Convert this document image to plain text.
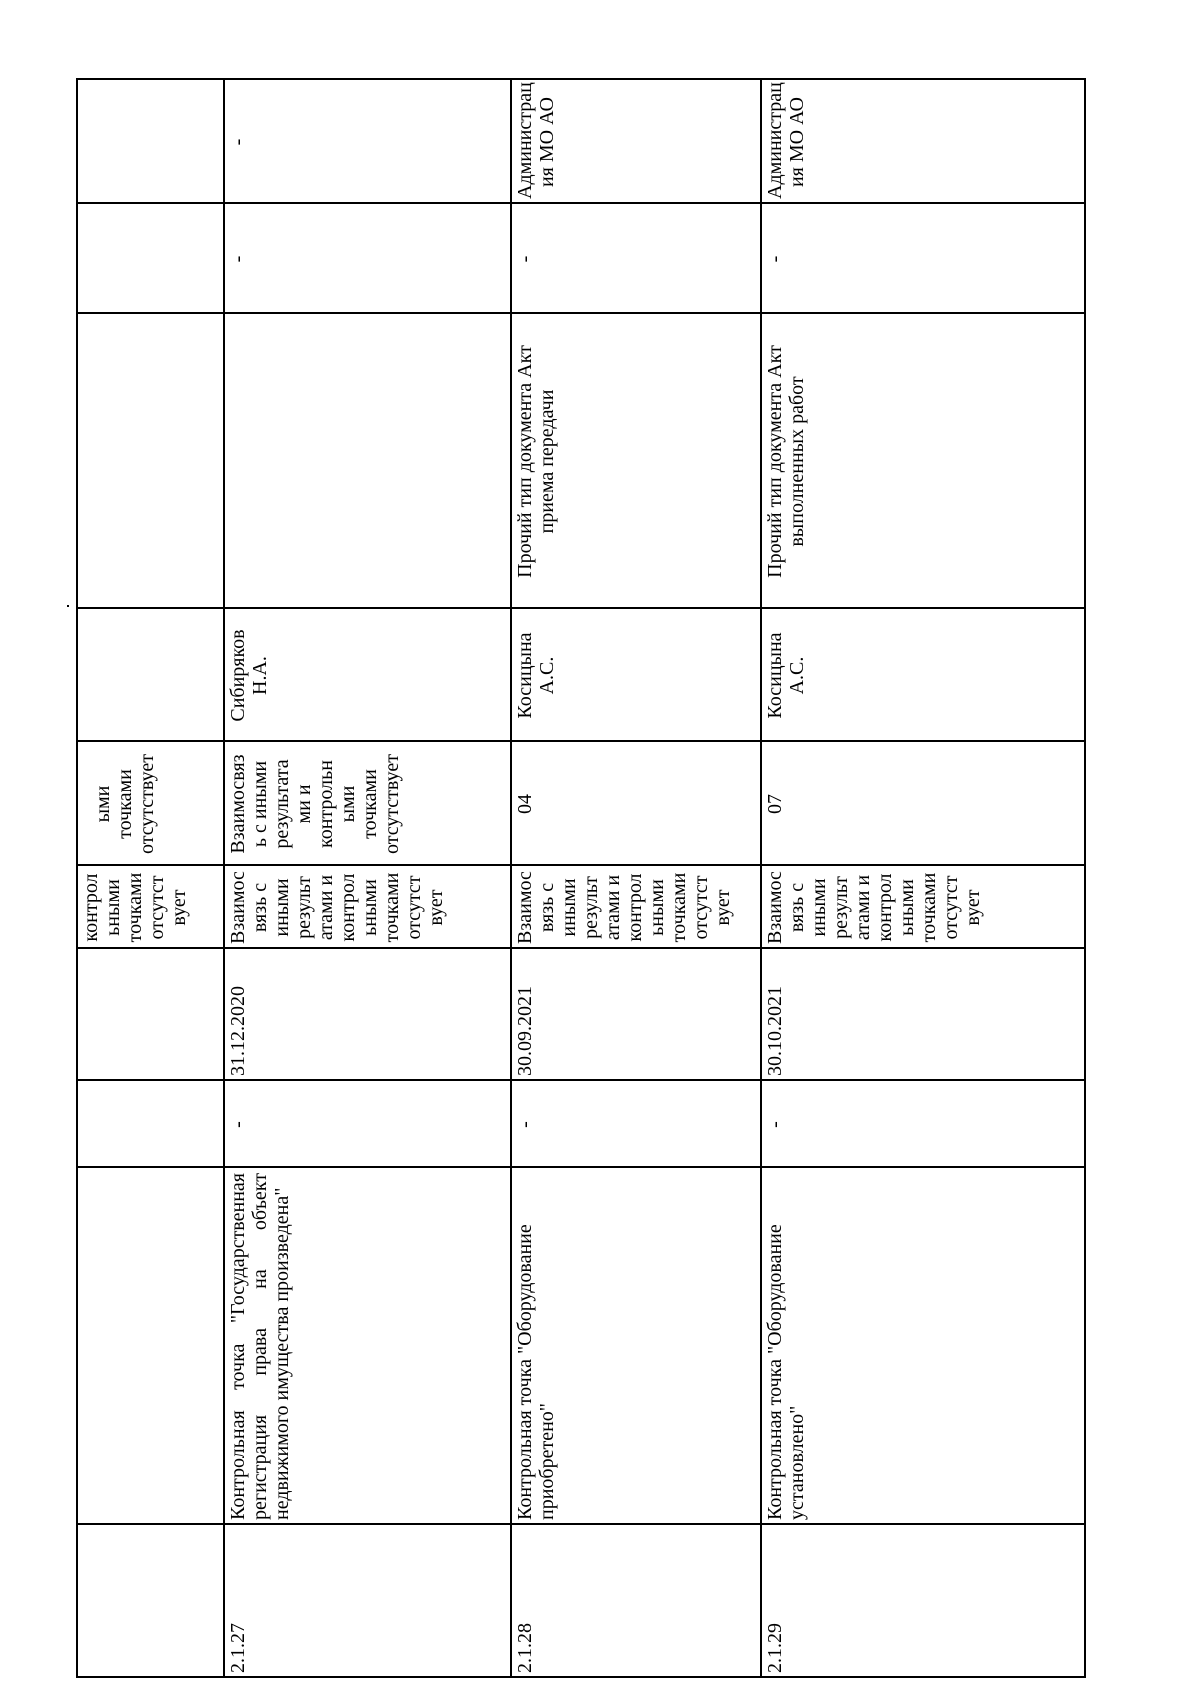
контрол
ьными
точками
отсутст
вует
ыми
точками
отсутствует
2.1.27
Контрольная точка "Государственная регистрация права на объект недвижимого имущества произведена"
-
31.12.2020
Взаимос
вязь с
иными
результ
атами и
контрол
ьными
точками
отсутст
вует
Взаимосвяз
ь с иными
результата
ми и
контрольн
ыми
точками
отсутствует
Сибиряков
Н.А.
-
-
2.1.28
Контрольная точка "Оборудование приобретено"
-
30.09.2021
Взаимос
вязь с
иными
результ
атами и
контрол
ьными
точками
отсутст
вует
04
Косицына
А.С.
Прочий тип документа Акт приема передачи
-
Администрац
ия МО АО
2.1.29
Контрольная точка "Оборудование установлено"
-
30.10.2021
Взаимос
вязь с
иными
результ
атами и
контрол
ьными
точками
отсутст
вует
07
Косицына
А.С.
Прочий тип документа Акт выполненных работ
-
Администрац
ия МО АО
